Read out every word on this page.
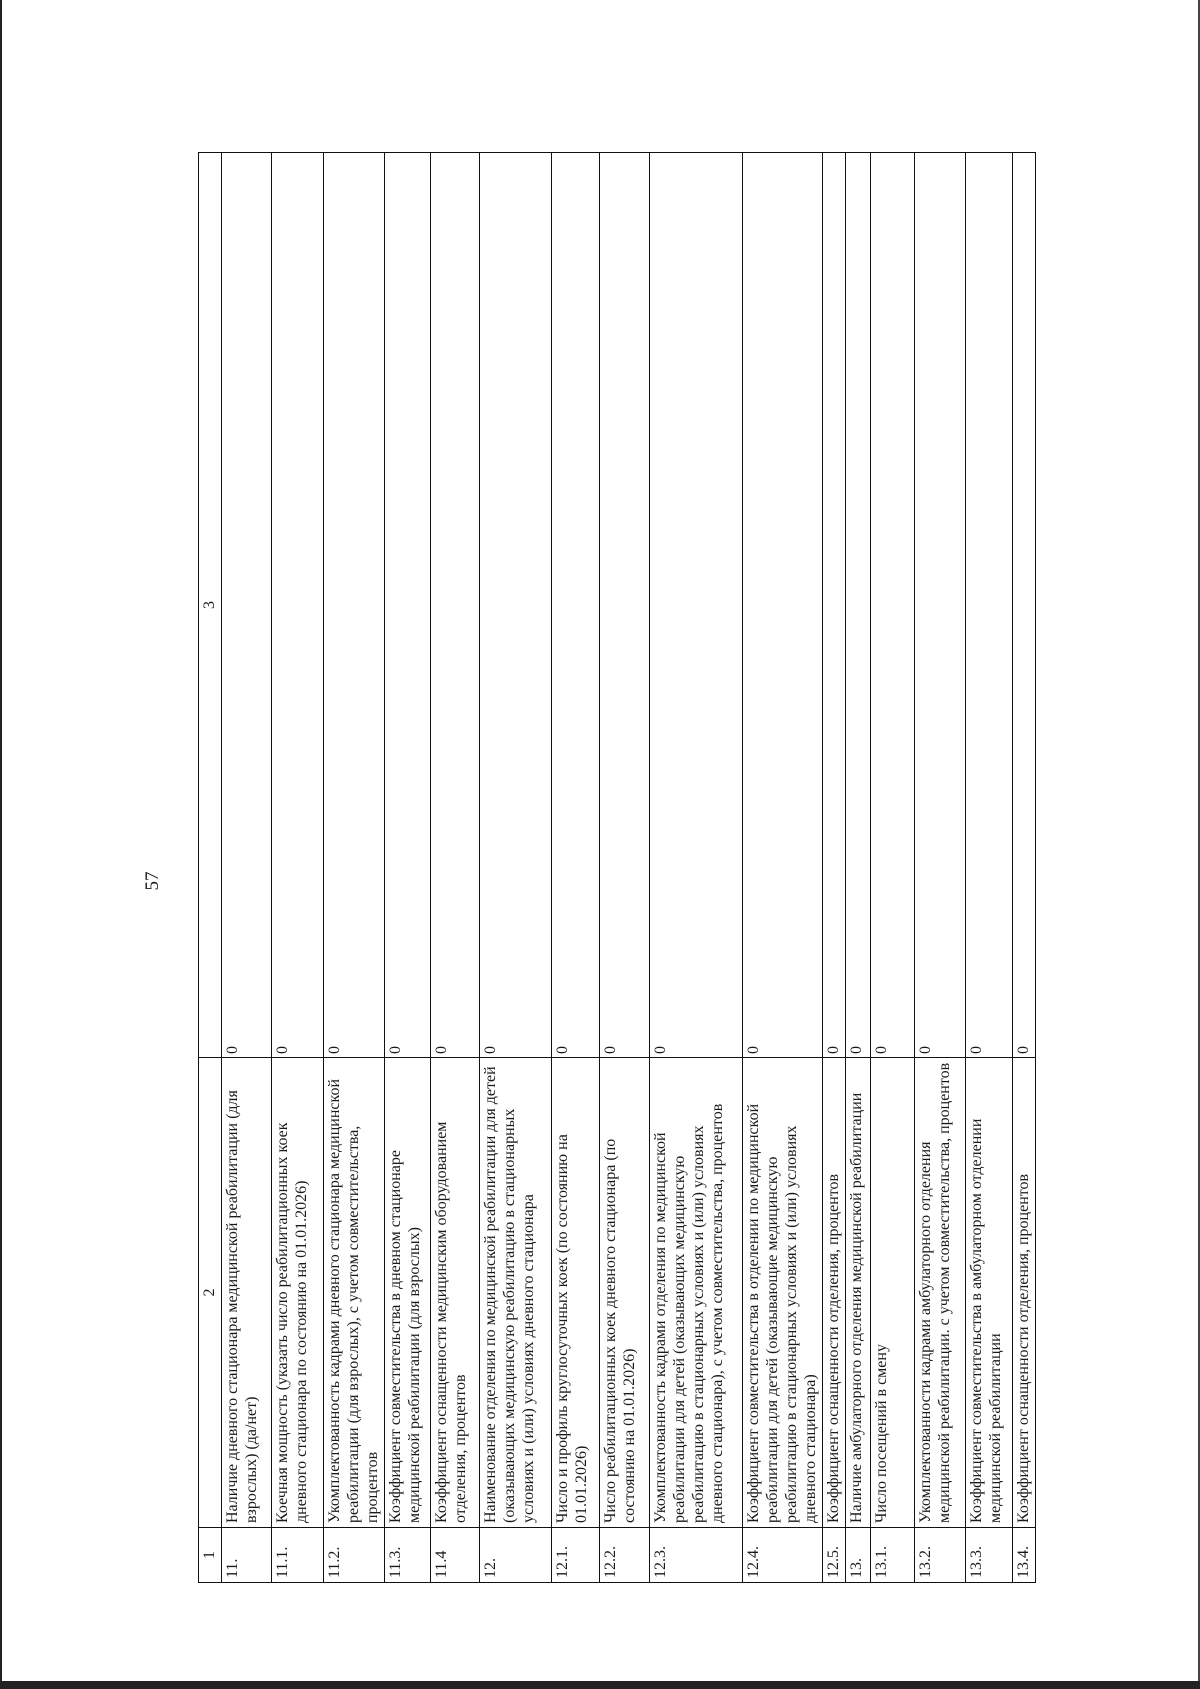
57
1	2	3
11.	Наличие дневного стационара медицинской реабилитации (для взрослых) (да/нет)	0
11.1.	Коечная мощность (указать число реабилитационных коек дневного стационара по состоянию на 01.01.2026)	0
11.2.	Укомплектованность кадрами дневного стационара медицинской реабилитации (для взрослых), с учетом совместительства, процентов	0
11.3.	Коэффициент совместительства в дневном стационаре медицинской реабилитации (для взрослых)	0
11.4	Коэффициент оснащенности медицинским оборудованием отделения, процентов	0
12.	Наименование отделения по медицинской реабилитации для детей (оказывающих медицинскую реабилитацию в стационарных условиях и (или) условиях дневного стационара	0
12.1.	Число и профиль круглосуточных коек (по состоянию на 01.01.2026)	0
12.2.	Число реабилитационных коек дневного стационара (по состоянию на 01.01.2026)	0
12.3.	Укомплектованность кадрами отделения по медицинской реабилитации для детей (оказывающих медицинскую реабилитацию в стационарных условиях и (или) условиях дневного стационара), с учетом совместительства, процентов	0
12.4.	Коэффициент совместительства в отделении по медицинской реабилитации для детей (оказывающие медицинскую реабилитацию в стационарных условиях и (или) условиях дневного стационара)	0
12.5.	Коэффициент оснащенности отделения, процентов	0
13.	Наличие амбулаторного отделения медицинской реабилитации	0
13.1.	Число посещений в смену	0
13.2.	Укомплектованности кадрами амбулаторного отделения медицинской реабилитации. с учетом совместительства, процентов	0
13.3.	Коэффициент совместительства в амбулаторном отделении медицинской реабилитации	0
13.4.	Коэффициент оснащенности отделения, процентов	0
